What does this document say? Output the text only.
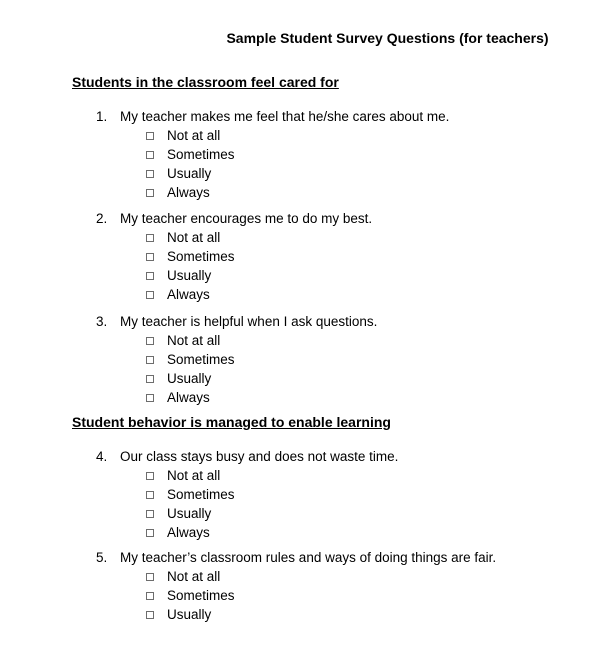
Sample Student Survey Questions (for teachers)
Students in the classroom feel cared for
1. My teacher makes me feel that he/she cares about me.
Not at all
Sometimes
Usually
Always
2. My teacher encourages me to do my best.
Not at all
Sometimes
Usually
Always
3. My teacher is helpful when I ask questions.
Not at all
Sometimes
Usually
Always
Student behavior is managed to enable learning
4. Our class stays busy and does not waste time.
Not at all
Sometimes
Usually
Always
5. My teacher’s classroom rules and ways of doing things are fair.
Not at all
Sometimes
Usually
